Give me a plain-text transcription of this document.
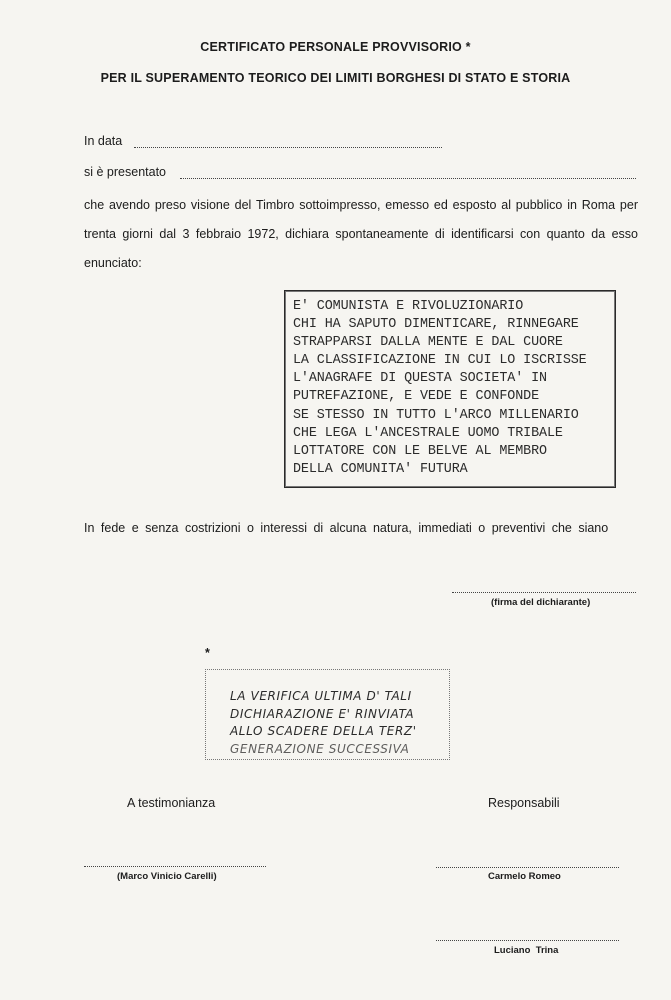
CERTIFICATO PERSONALE PROVVISORIO *
PER IL SUPERAMENTO TEORICO DEI LIMITI BORGHESI DI STATO E STORIA
In data
si è presentato
che avendo preso visione del Timbro sottoimpresso, emesso ed esposto al pubblico in Roma per trenta giorni dal 3 febbraio 1972, dichiara spontaneamente di identificarsi con quanto da esso enunciato:
E' COMUNISTA E RIVOLUZIONARIO
CHI HA SAPUTO DIMENTICARE, RINNEGARE
STRAPPARSI DALLA MENTE E DAL CUORE
LA CLASSIFICAZIONE IN CUI LO ISCRISSE
L'ANAGRAFE DI QUESTA SOCIETA' IN
PUTREFAZIONE, E VEDE E CONFONDE
SE STESSO IN TUTTO L'ARCO MILLENARIO
CHE LEGA L'ANCESTRALE UOMO TRIBALE
LOTTATORE CON LE BELVE AL MEMBRO
DELLA COMUNITA' FUTURA
In fede e senza costrizioni o interessi di alcuna natura, immediati o preventivi che siano
(firma del dichiarante)
*
LA VERIFICA ULTIMA D' TALI
DICHIARAZIONE E' RINVIATA
ALLO SCADERE DELLA TERZ'
GENERAZIONE SUCCESSIVA
A testimonianza
(Marco Vinicio Carelli)
Responsabili
Carmelo Romeo
Luciano  Trina
